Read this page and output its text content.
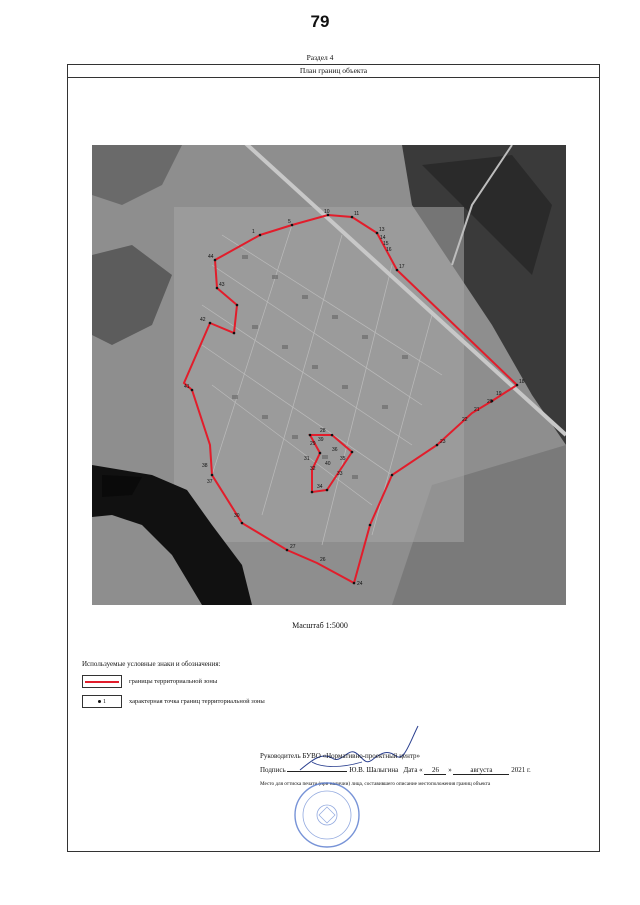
79
Раздел 4
План границ объекта
1
5
10	11
13
14
15
16
17
18
19
20
21
22
23
24
26
27
30
37
38
41
42
43
44
28
29
31
32
34
33
35
36
39
40
Масштаб 1:5000
Используемые условные знаки и обозначения:
границы территориальной зоны
1	характерная точка границ территориальной зоны
Руководитель БУВО «Нормативно-проектный центр»
Подпись	Ю.В. Шалыгина Дата « 26 »	августа	2021 г.
Место для оттиска печати (при наличии) лица, составившего описание местоположения границ объекта
